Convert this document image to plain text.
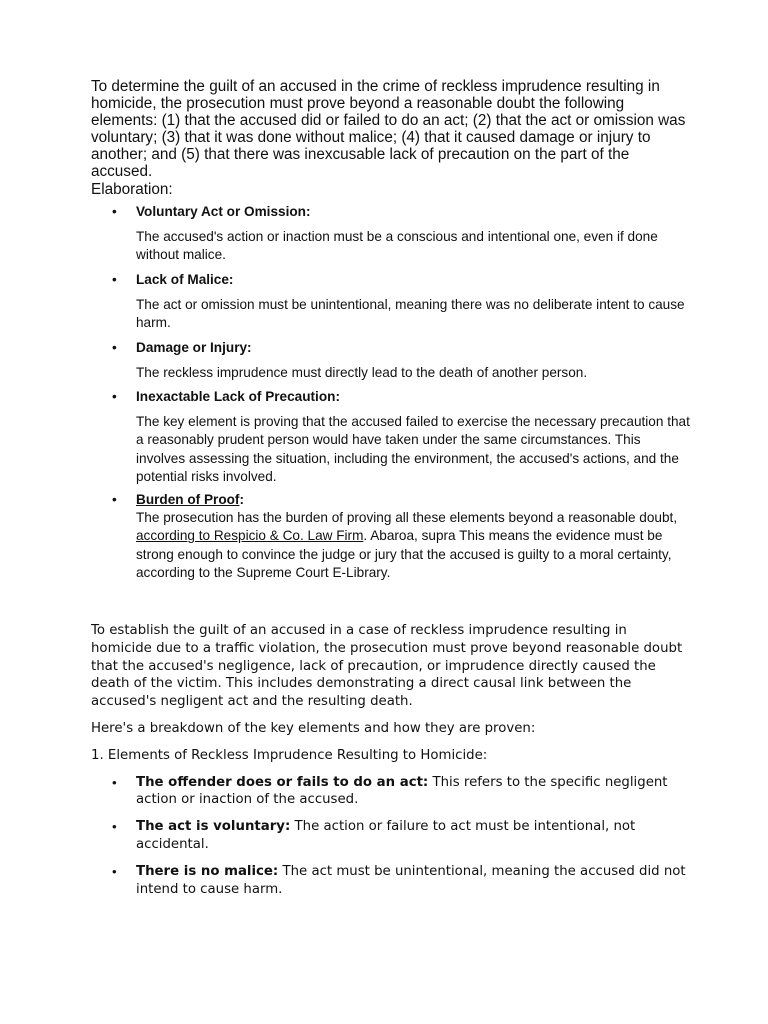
To determine the guilt of an accused in the crime of reckless imprudence resulting in homicide, the prosecution must prove beyond a reasonable doubt the following elements: (1) that the accused did or failed to do an act; (2) that the act or omission was voluntary; (3) that it was done without malice; (4) that it caused damage or injury to another; and (5) that there was inexcusable lack of precaution on the part of the accused.

Elaboration:

• Voluntary Act or Omission:
The accused's action or inaction must be a conscious and intentional one, even if done without malice.
• Lack of Malice:
The act or omission must be unintentional, meaning there was no deliberate intent to cause harm.
• Damage or Injury:
The reckless imprudence must directly lead to the death of another person.
• Inexactable Lack of Precaution:
The key element is proving that the accused failed to exercise the necessary precaution that a reasonably prudent person would have taken under the same circumstances. This involves assessing the situation, including the environment, the accused's actions, and the potential risks involved.
• Burden of Proof:
The prosecution has the burden of proving all these elements beyond a reasonable doubt, according to Respicio & Co. Law Firm. Abaroa, supra This means the evidence must be strong enough to convince the judge or jury that the accused is guilty to a moral certainty, according to the Supreme Court E-Library.

To establish the guilt of an accused in a case of reckless imprudence resulting in homicide due to a traffic violation, the prosecution must prove beyond reasonable doubt that the accused's negligence, lack of precaution, or imprudence directly caused the death of the victim. This includes demonstrating a direct causal link between the accused's negligent act and the resulting death.

Here's a breakdown of the key elements and how they are proven:

1. Elements of Reckless Imprudence Resulting to Homicide:

• The offender does or fails to do an act: This refers to the specific negligent action or inaction of the accused.
• The act is voluntary: The action or failure to act must be intentional, not accidental.
• There is no malice: The act must be unintentional, meaning the accused did not intend to cause harm.
